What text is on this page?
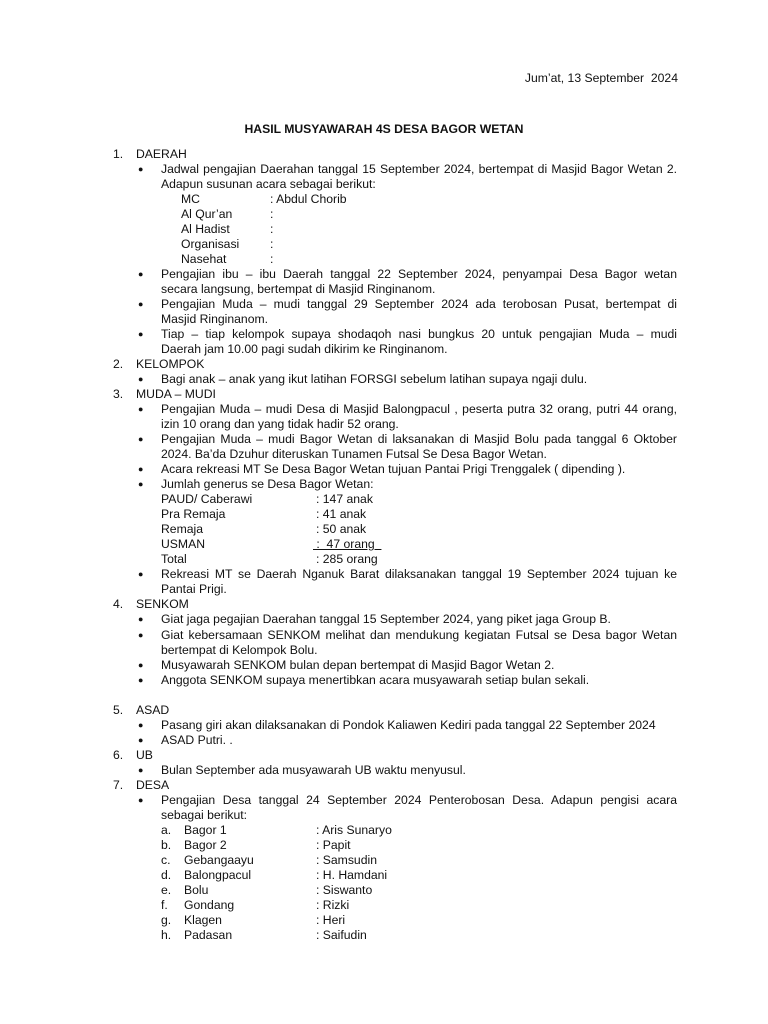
Jum’at, 13 September  2024
HASIL MUSYAWARAH 4S DESA BAGOR WETAN
1. DAERAH
● Jadwal pengajian Daerahan tanggal 15 September 2024, bertempat di Masjid Bagor Wetan 2.
Adapun susunan acara sebagai berikut:
MC	: Abdul Chorib
Al Qur’an	:
Al Hadist	:
Organisasi	:
Nasehat	:
● Pengajian ibu – ibu Daerah tanggal 22 September 2024, penyampai Desa Bagor wetan
secara langsung, bertempat di Masjid Ringinanom.
● Pengajian Muda – mudi tanggal 29 September 2024 ada terobosan Pusat, bertempat di
Masjid Ringinanom.
● Tiap – tiap kelompok supaya shodaqoh nasi bungkus 20 untuk pengajian Muda – mudi
Daerah jam 10.00 pagi sudah dikirim ke Ringinanom.
2. KELOMPOK
● Bagi anak – anak yang ikut latihan FORSGI sebelum latihan supaya ngaji dulu.
3. MUDA – MUDI
● Pengajian Muda – mudi Desa di Masjid Balongpacul , peserta putra 32 orang, putri 44 orang,
izin 10 orang dan yang tidak hadir 52 orang.
● Pengajian Muda – mudi Bagor Wetan di laksanakan di Masjid Bolu pada tanggal 6 Oktober
2024. Ba’da Dzuhur diteruskan Tunamen Futsal Se Desa Bagor Wetan.
● Acara rekreasi MT Se Desa Bagor Wetan tujuan Pantai Prigi Trenggalek ( dipending ).
● Jumlah generus se Desa Bagor Wetan:
PAUD/ Caberawi	: 147 anak
Pra Remaja	: 41 anak
Remaja	: 50 anak
USMAN	:  47 orang
Total	: 285 orang
● Rekreasi MT se Daerah Nganuk Barat dilaksanakan tanggal 19 September 2024 tujuan ke
Pantai Prigi.
4. SENKOM
● Giat jaga pegajian Daerahan tanggal 15 September 2024, yang piket jaga Group B.
● Giat kebersamaan SENKOM melihat dan mendukung kegiatan Futsal se Desa bagor Wetan
bertempat di Kelompok Bolu.
● Musyawarah SENKOM bulan depan bertempat di Masjid Bagor Wetan 2.
● Anggota SENKOM supaya menertibkan acara musyawarah setiap bulan sekali.
5. ASAD
● Pasang giri akan dilaksanakan di Pondok Kaliawen Kediri pada tanggal 22 September 2024
● ASAD Putri. .
6. UB
● Bulan September ada musyawarah UB waktu menyusul.
7. DESA
● Pengajian Desa tanggal 24 September 2024 Penterobosan Desa. Adapun pengisi acara
sebagai berikut:
a. Bagor 1	: Aris Sunaryo
b. Bagor 2	: Papit
c. Gebangaayu	: Samsudin
d. Balongpacul	: H. Hamdani
e. Bolu	: Siswanto
f. Gondang	: Rizki
g. Klagen	: Heri
h. Padasan	: Saifudin
